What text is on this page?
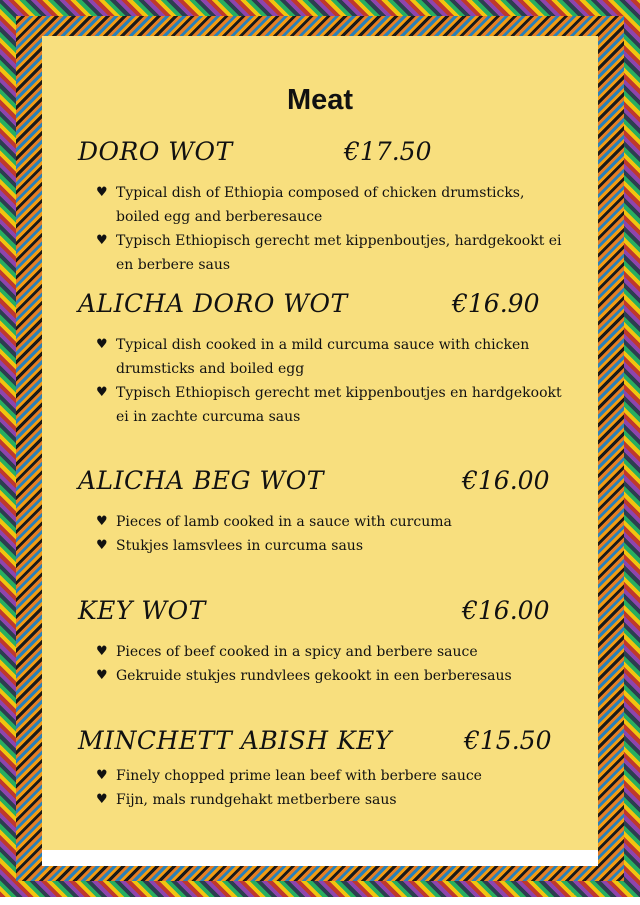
Meat
DORO WOT	€17.50
♥ Typical dish of Ethiopia composed of chicken drumsticks, boiled egg and berberesauce
♥ Typisch Ethiopisch gerecht met kippenboutjes, hardgekookt ei en berbere saus
ALICHA DORO WOT	€16.90
♥ Typical dish cooked in a mild curcuma sauce with chicken drumsticks and boiled egg
♥ Typisch Ethiopisch gerecht met kippenboutjes en hardgekookt ei in zachte curcuma saus
ALICHA BEG WOT	€16.00
♥ Pieces of lamb cooked in a sauce with curcuma
♥ Stukjes lamsvlees in curcuma saus
KEY WOT	€16.00
♥ Pieces of beef cooked in a spicy and berbere sauce
♥ Gekruide stukjes rundvlees gekookt in een berberesaus
MINCHETT ABISH KEY	€15.50
♥ Finely chopped prime lean beef with berbere sauce
♥ Fijn, mals rundgehakt metberbere saus
